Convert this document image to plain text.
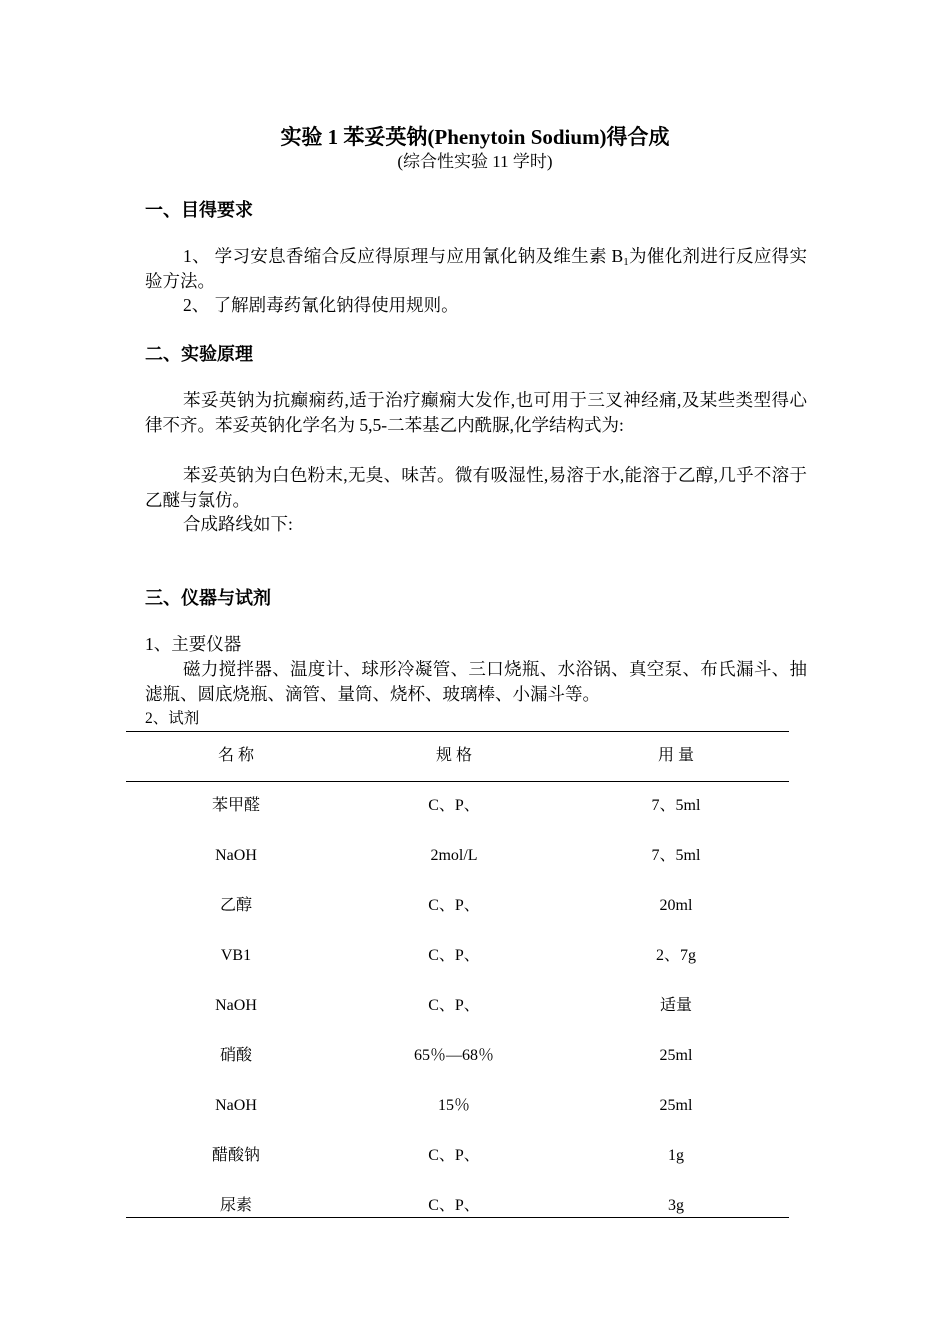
实验 1 苯妥英钠(Phenytoin Sodium)得合成
(综合性实验 11 学时)
一、目得要求

1、 学习安息香缩合反应得原理与应用氰化钠及维生素 $B_1$为催化剂进行反应得实验方法。

2、 了解剧毒药氰化钠得使用规则。

二、实验原理

苯妥英钠为抗癫痫药,适于治疗癫痫大发作,也可用于三叉神经痛,及某些类型得心律不齐。苯妥英钠化学名为 5,5-二苯基乙内酰脲,化学结构式为:

苯妥英钠为白色粉末,无臭、味苦。微有吸湿性,易溶于水,能溶于乙醇,几乎不溶于乙醚与氯仿。

合成路线如下:

三、仪器与试剂
1、主要仪器

磁力搅拌器、温度计、球形冷凝管、三口烧瓶、水浴锅、真空泵、布氏漏斗、抽滤瓶、圆底烧瓶、滴管、量筒、烧杯、玻璃棒、小漏斗等。

2、试剂
名 称	规 格	用 量
苯甲醛	C、P、	7、5ml
NaOH	2mol/L	7、5ml
乙醇	C、P、	20ml
VB1	C、P、	2、7g
NaOH	C、P、	适量
硝酸	65％—68％	25ml
NaOH	15％	25ml
醋酸钠	C、P、	1g
尿素	C、P、	3g
